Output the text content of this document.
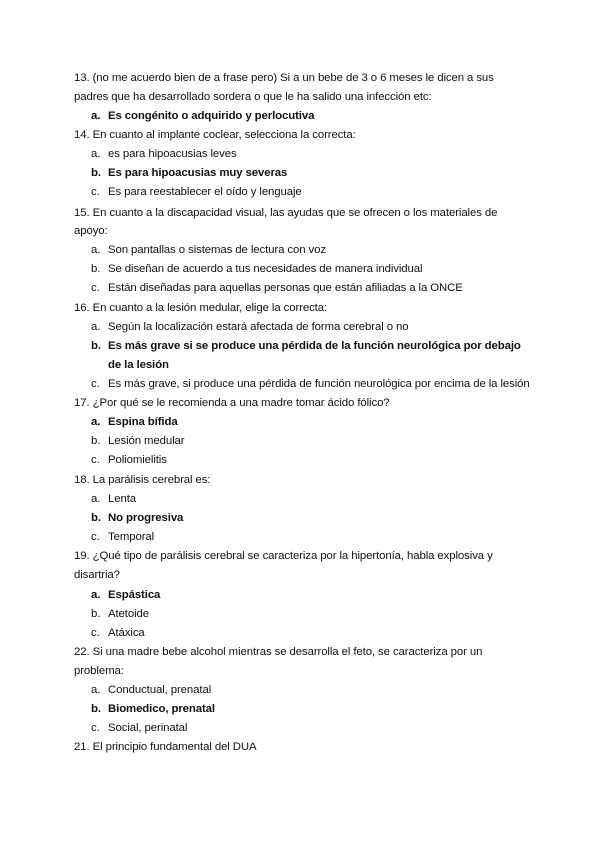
13. (no me acuerdo bien de a frase pero) Si a un bebe de 3 o 6 meses le dicen a sus
padres que ha desarrollado sordera o que le ha salido una infección etc:
a. Es congénito o adquirido y perlocutiva
14. En cuanto al implante coclear, selecciona la correcta:
a. es para hipoacusias leves
b. Es para hipoacusias muy severas
c. Es para reestablecer el oído y lenguaje
15. En cuanto a la discapacidad visual, las ayudas que se ofrecen o los materiales de
apoyo:
a. Son pantallas o sistemas de lectura con voz
b. Se diseñan de acuerdo a tus necesidades de manera individual
c. Están diseñadas para aquellas personas que están afiliadas a la ONCE
16. En cuanto a la lesión medular, elige la correcta:
a. Según la localización estará afectada de forma cerebral o no
b. Es más grave si se produce una pérdida de la función neurológica por debajo
de la lesión
c. Es más grave, si produce una pérdida de función neurológica por encima de la lesión
17. ¿Por qué se le recomienda a una madre tomar ácido fólico?
a. Espina bífida
b. Lesión medular
c. Poliomielitis
18. La parálisis cerebral es:
a. Lenta
b. No progresiva
c. Temporal
19. ¿Qué tipo de parálisis cerebral se caracteriza por la hipertonía, habla explosiva y
disartria?
a. Espástica
b. Atetoide
c. Atáxica
22. Si una madre bebe alcohol mientras se desarrolla el feto, se caracteriza por un
problema:
a. Conductual, prenatal
b. Biomedico, prenatal
c. Social, perinatal
21. El principio fundamental del DUA
